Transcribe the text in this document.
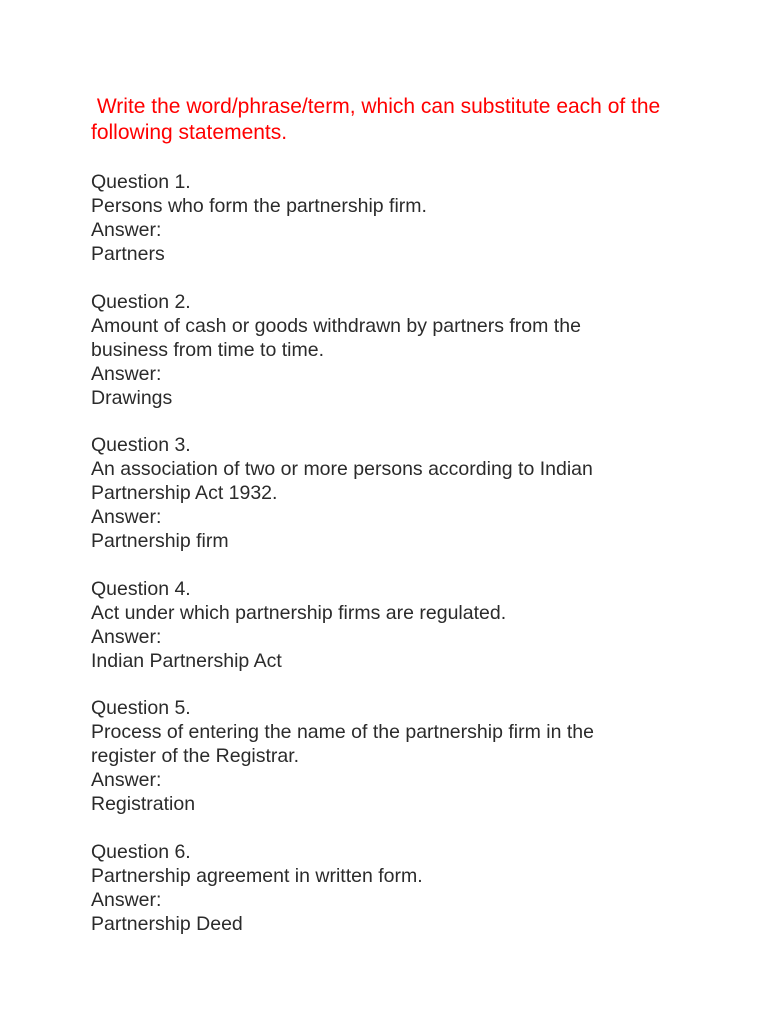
Write the word/phrase/term, which can substitute each of the following statements.
Question 1.
Persons who form the partnership firm.
Answer:
Partners
Question 2.
Amount of cash or goods withdrawn by partners from the business from time to time.
Answer:
Drawings
Question 3.
An association of two or more persons according to Indian Partnership Act 1932.
Answer:
Partnership firm
Question 4.
Act under which partnership firms are regulated.
Answer:
Indian Partnership Act
Question 5.
Process of entering the name of the partnership firm in the register of the Registrar.
Answer:
Registration
Question 6.
Partnership agreement in written form.
Answer:
Partnership Deed
